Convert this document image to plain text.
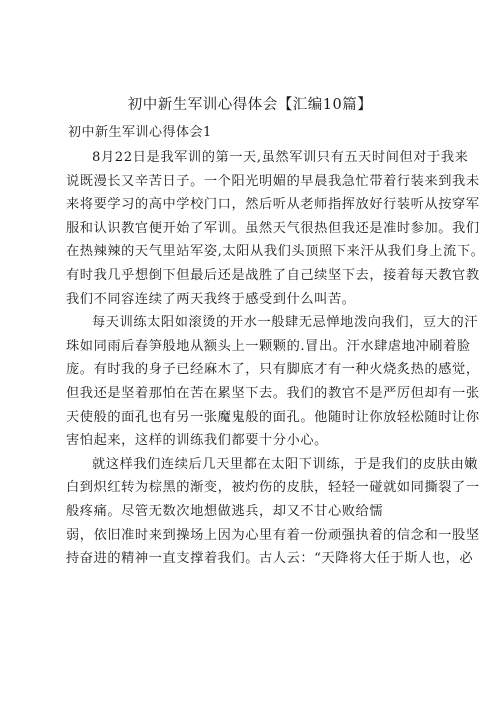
初中新生军训心得体会【汇编10篇】
初中新生军训心得体会1
8月22日是我军训的第一天,虽然军训只有五天时间但对于我来
说既漫长又辛苦日子。一个阳光明媚的早晨我急忙带着行装来到我未
来将要学习的高中学校门口，然后听从老师指挥放好行装听从按穿军
服和认识教官便开始了军训。虽然天气很热但我还是准时参加。我们
在热辣辣的天气里站军姿,太阳从我们头顶照下来汗从我们身上流下。
有时我几乎想倒下但最后还是战胜了自己续坚下去，接着每天教官教
我们不同容连续了两天我终于感受到什么叫苦。
每天训练太阳如滚烫的开水一般肆无忌惮地泼向我们，豆大的汗
珠如同雨后春笋般地从额头上一颗颗的.冒出。汗水肆虐地冲刷着脸
庞。有时我的身子已经麻木了，只有脚底才有一种火烧炙热的感觉，
但我还是坚着那怕在苦在累坚下去。我们的教官不是严厉但却有一张
天使般的面孔也有另一张魔鬼般的面孔。他随时让你放轻松随时让你
害怕起来，这样的训练我们都要十分小心。
就这样我们连续后几天里都在太阳下训练，于是我们的皮肤由嫩
白到炽红转为棕黑的渐变，被灼伤的皮肤，轻轻一碰就如同撕裂了一
般疼痛。尽管无数次地想做逃兵，却又不甘心败给懦
弱，依旧准时来到操场上因为心里有着一份顽强执着的信念和一股坚
持奋进的精神一直支撑着我们。古人云：“天降将大任于斯人也，必
